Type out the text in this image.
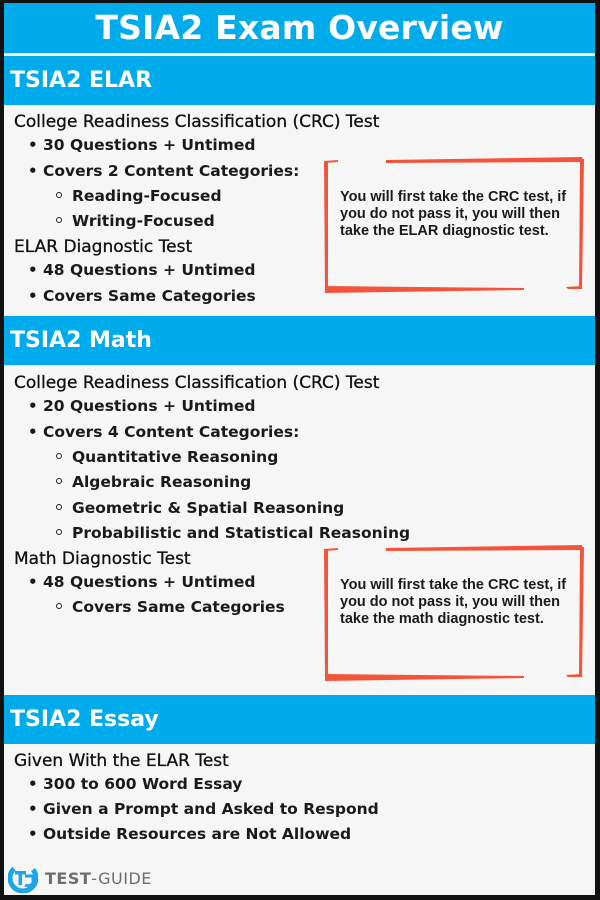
TSIA2 Exam Overview
TSIA2 ELAR
College Readiness Classification (CRC) Test
• 30 Questions + Untimed
• Covers 2 Content Categories:
Reading-Focused
Writing-Focused
ELAR Diagnostic Test
• 48 Questions + Untimed
• Covers Same Categories
You will first take the CRC test, if you do not pass it, you will then take the ELAR diagnostic test.
TSIA2 Math
College Readiness Classification (CRC) Test
• 20 Questions + Untimed
• Covers 4 Content Categories:
Quantitative Reasoning
Algebraic Reasoning
Geometric & Spatial Reasoning
Probabilistic and Statistical Reasoning
Math Diagnostic Test
• 48 Questions + Untimed
Covers Same Categories
You will first take the CRC test, if you do not pass it, you will then take the math diagnostic test.
TSIA2 Essay
Given With the ELAR Test
• 300 to 600 Word Essay
• Given a Prompt and Asked to Respond
• Outside Resources are Not Allowed
TEST-GUIDE
